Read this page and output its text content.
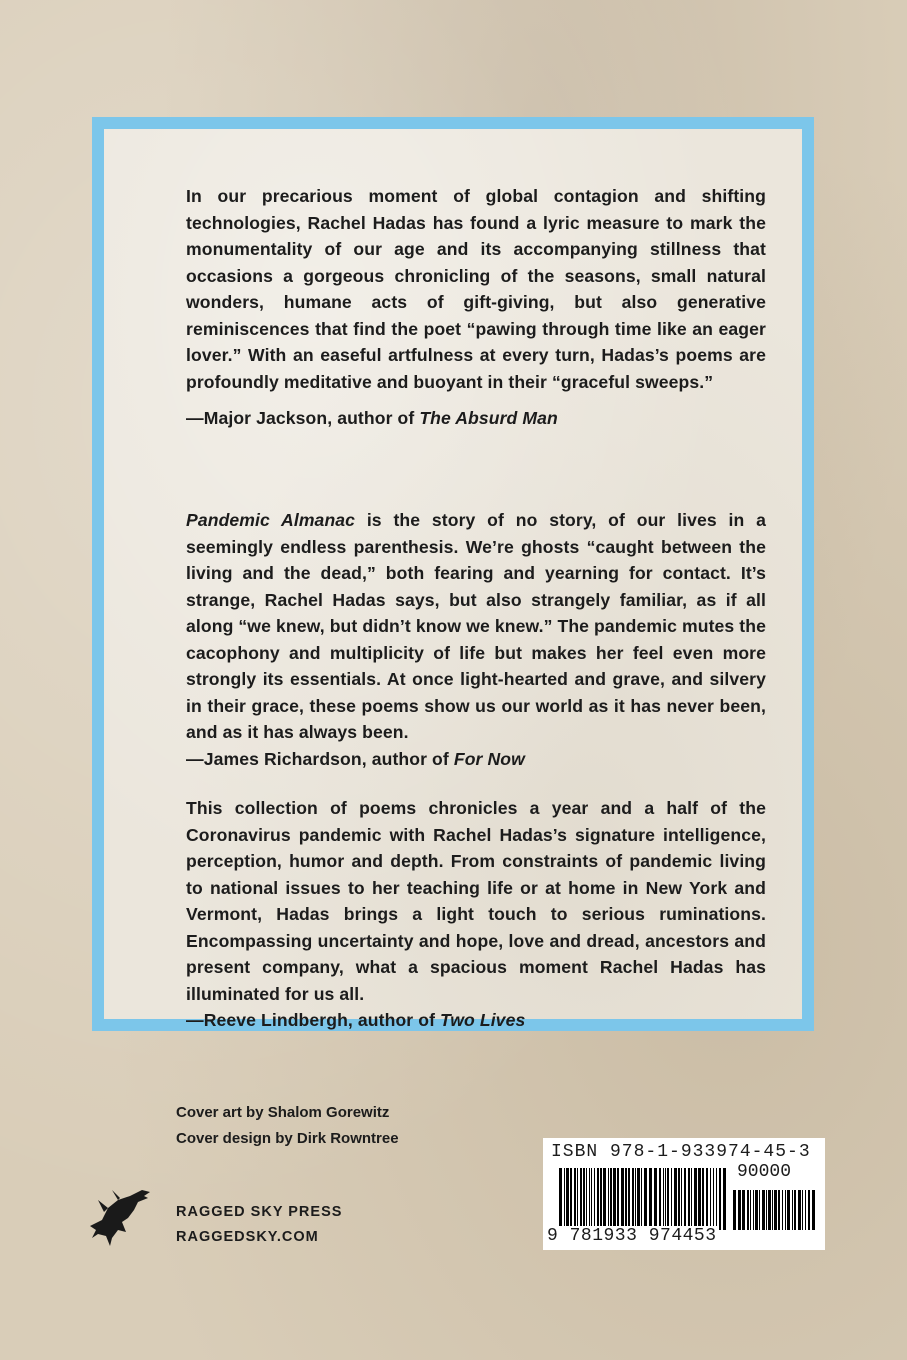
In our precarious moment of global contagion and shifting technologies, Rachel Hadas has found a lyric measure to mark the monumentality of our age and its accompanying stillness that occasions a gorgeous chronicling of the seasons, small natural wonders, humane acts of gift-giving, but also generative reminiscences that find the poet “pawing through time like an eager lover.” With an easeful artfulness at every turn, Hadas’s poems are profoundly meditative and buoyant in their “graceful sweeps.”

—Major Jackson, author of The Absurd Man

Pandemic Almanac is the story of no story, of our lives in a seemingly endless parenthesis. We’re ghosts “caught between the living and the dead,” both fearing and yearning for contact. It’s strange, Rachel Hadas says, but also strangely familiar, as if all along “we knew, but didn’t know we knew.” The pandemic mutes the cacophony and multiplicity of life but makes her feel even more strongly its essentials. At once light-hearted and grave, and silvery in their grace, these poems show us our world as it has never been, and as it has always been.

—James Richardson, author of For Now

This collection of poems chronicles a year and a half of the Coronavirus pandemic with Rachel Hadas’s signature intelligence, perception, humor and depth. From constraints of pandemic living to national issues to her teaching life or at home in New York and Vermont, Hadas brings a light touch to serious ruminations. Encompassing uncertainty and hope, love and dread, ancestors and present company, what a spacious moment Rachel Hadas has illuminated for us all.

—Reeve Lindbergh, author of Two Lives

Cover art by Shalom Gorewitz
Cover design by Dirk Rowntree
RAGGED SKY PRESS
RAGGEDSKY.COM
ISBN 978-1-933974-45-3
90000
9 781933 974453
